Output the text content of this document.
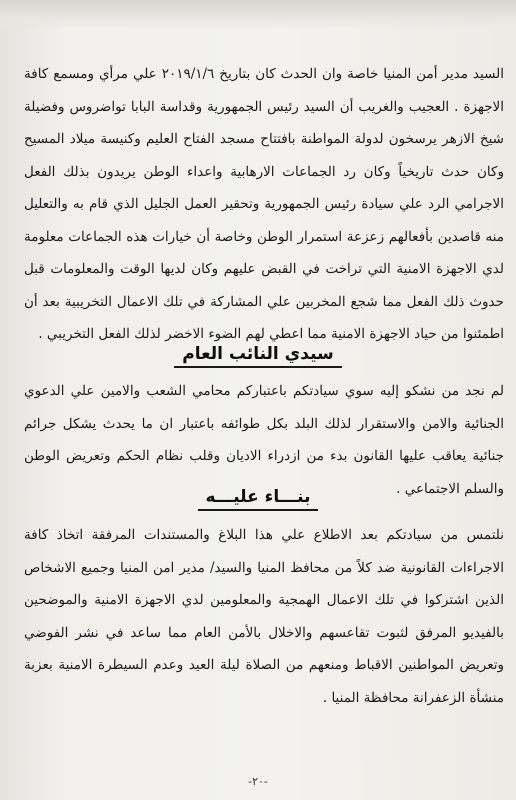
السيد مدير أمن المنيا خاصة وان الحدث كان بتاريخ ٢٠١٩/١/٦ علي مرأي ومسمع كافة الاجهزة . العجيب والغريب أن السيد رئيس الجمهورية وقداسة البابا تواضروس وفضيلة شيخ الازهر يرسخون لدولة المواطنة بافتتاح مسجد الفتاح العليم وكنيسة ميلاد المسيح وكان حدث تاريخياً وكان رد الجماعات الارهابية واعداء الوطن يريدون بذلك الفعل الاجرامي الرد علي سيادة رئيس الجمهورية وتحقير العمل الجليل الذي قام به والتعليل منه قاصدين بأفعالهم زعزعة استمرار الوطن وخاصة أن خيارات هذه الجماعات معلومة لدي الاجهزة الامنية التي تراخت في القبض عليهم وكان لديها الوقت والمعلومات قبل حدوث ذلك الفعل مما شجع المخربين علي المشاركة في تلك الاعمال التخريبية بعد أن اطمئنوا من حياد الاجهزة الامنية مما اعطي لهم الضوء الاخضر لذلك الفعل التخريبي .

سيدي النائب العام

لم نجد من نشكو إليه سوي سيادتكم باعتباركم محامي الشعب والامين علي الدعوي الجنائية والامن والاستقرار لذلك البلد بكل طوائفه باعتبار ان ما يحدث يشكل جرائم جنائية يعاقب عليها القانون بدء من ازدراء الاديان وقلب نظام الحكم وتعريض الوطن والسلم الاجتماعي .

بنـــاء عليـــه

نلتمس من سيادتكم بعد الاطلاع علي هذا البلاغ والمستندات المرفقة اتخاذ كافة الاجراءات القانونية ضد كلاً من محافظ المنيا والسيد/ مدير امن المنيا وجميع الاشخاص الذين اشتركوا في تلك الاعمال الهمجية والمعلومين لدي الاجهزة الامنية والموضحين بالفيديو المرفق لثبوت تقاعسهم والاخلال بالأمن العام مما ساعد في نشر الفوضي وتعريض المواطنين الاقباط ومنعهم من الصلاة ليلة العيد وعدم السيطرة الامنية بعزبة منشأة الزعفرانة محافظة المنيا .

-٢٠-
